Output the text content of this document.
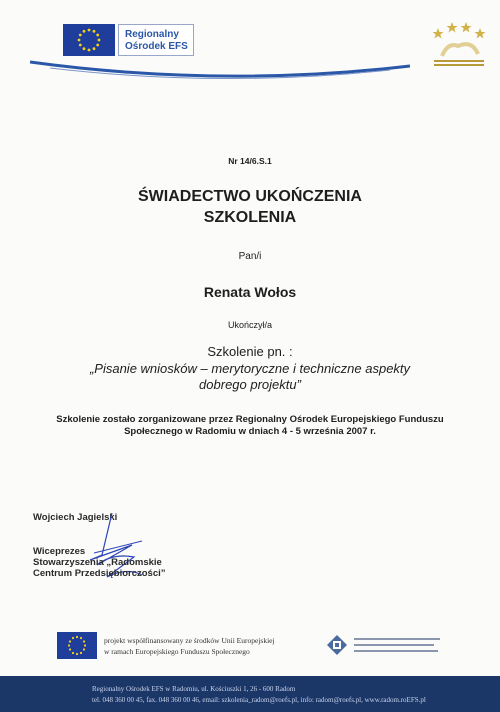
Regionalny
Ośrodek EFS
Nr 14/6.S.1
ŚWIADECTWO UKOŃCZENIA
SZKOLENIA
Pan/i
Renata Wołos
Ukończył/a
Szkolenie pn. :
„Pisanie wniosków – merytoryczne i techniczne aspekty
dobrego projektu”
Szkolenie zostało zorganizowane przez Regionalny Ośrodek Europejskiego Funduszu
Społecznego w Radomiu w dniach 4 - 5 września 2007 r.
Wojciech Jagielski
Wiceprezes
Stowarzyszenia „Radomskie
Centrum Przedsiębiorczości”
projekt współfinansowany ze środków Unii Europejskiej
w ramach Europejskiego Funduszu Społecznego
Regionalny Ośrodek EFS w Radomiu, ul. Kościuszki 1, 26 - 600 Radom
tel. 048 360 00 45, fax. 048 360 00 46, email: szkolenia_radom@roefs.pl, info: radom@roefs.pl, www.radom.roEFS.pl
